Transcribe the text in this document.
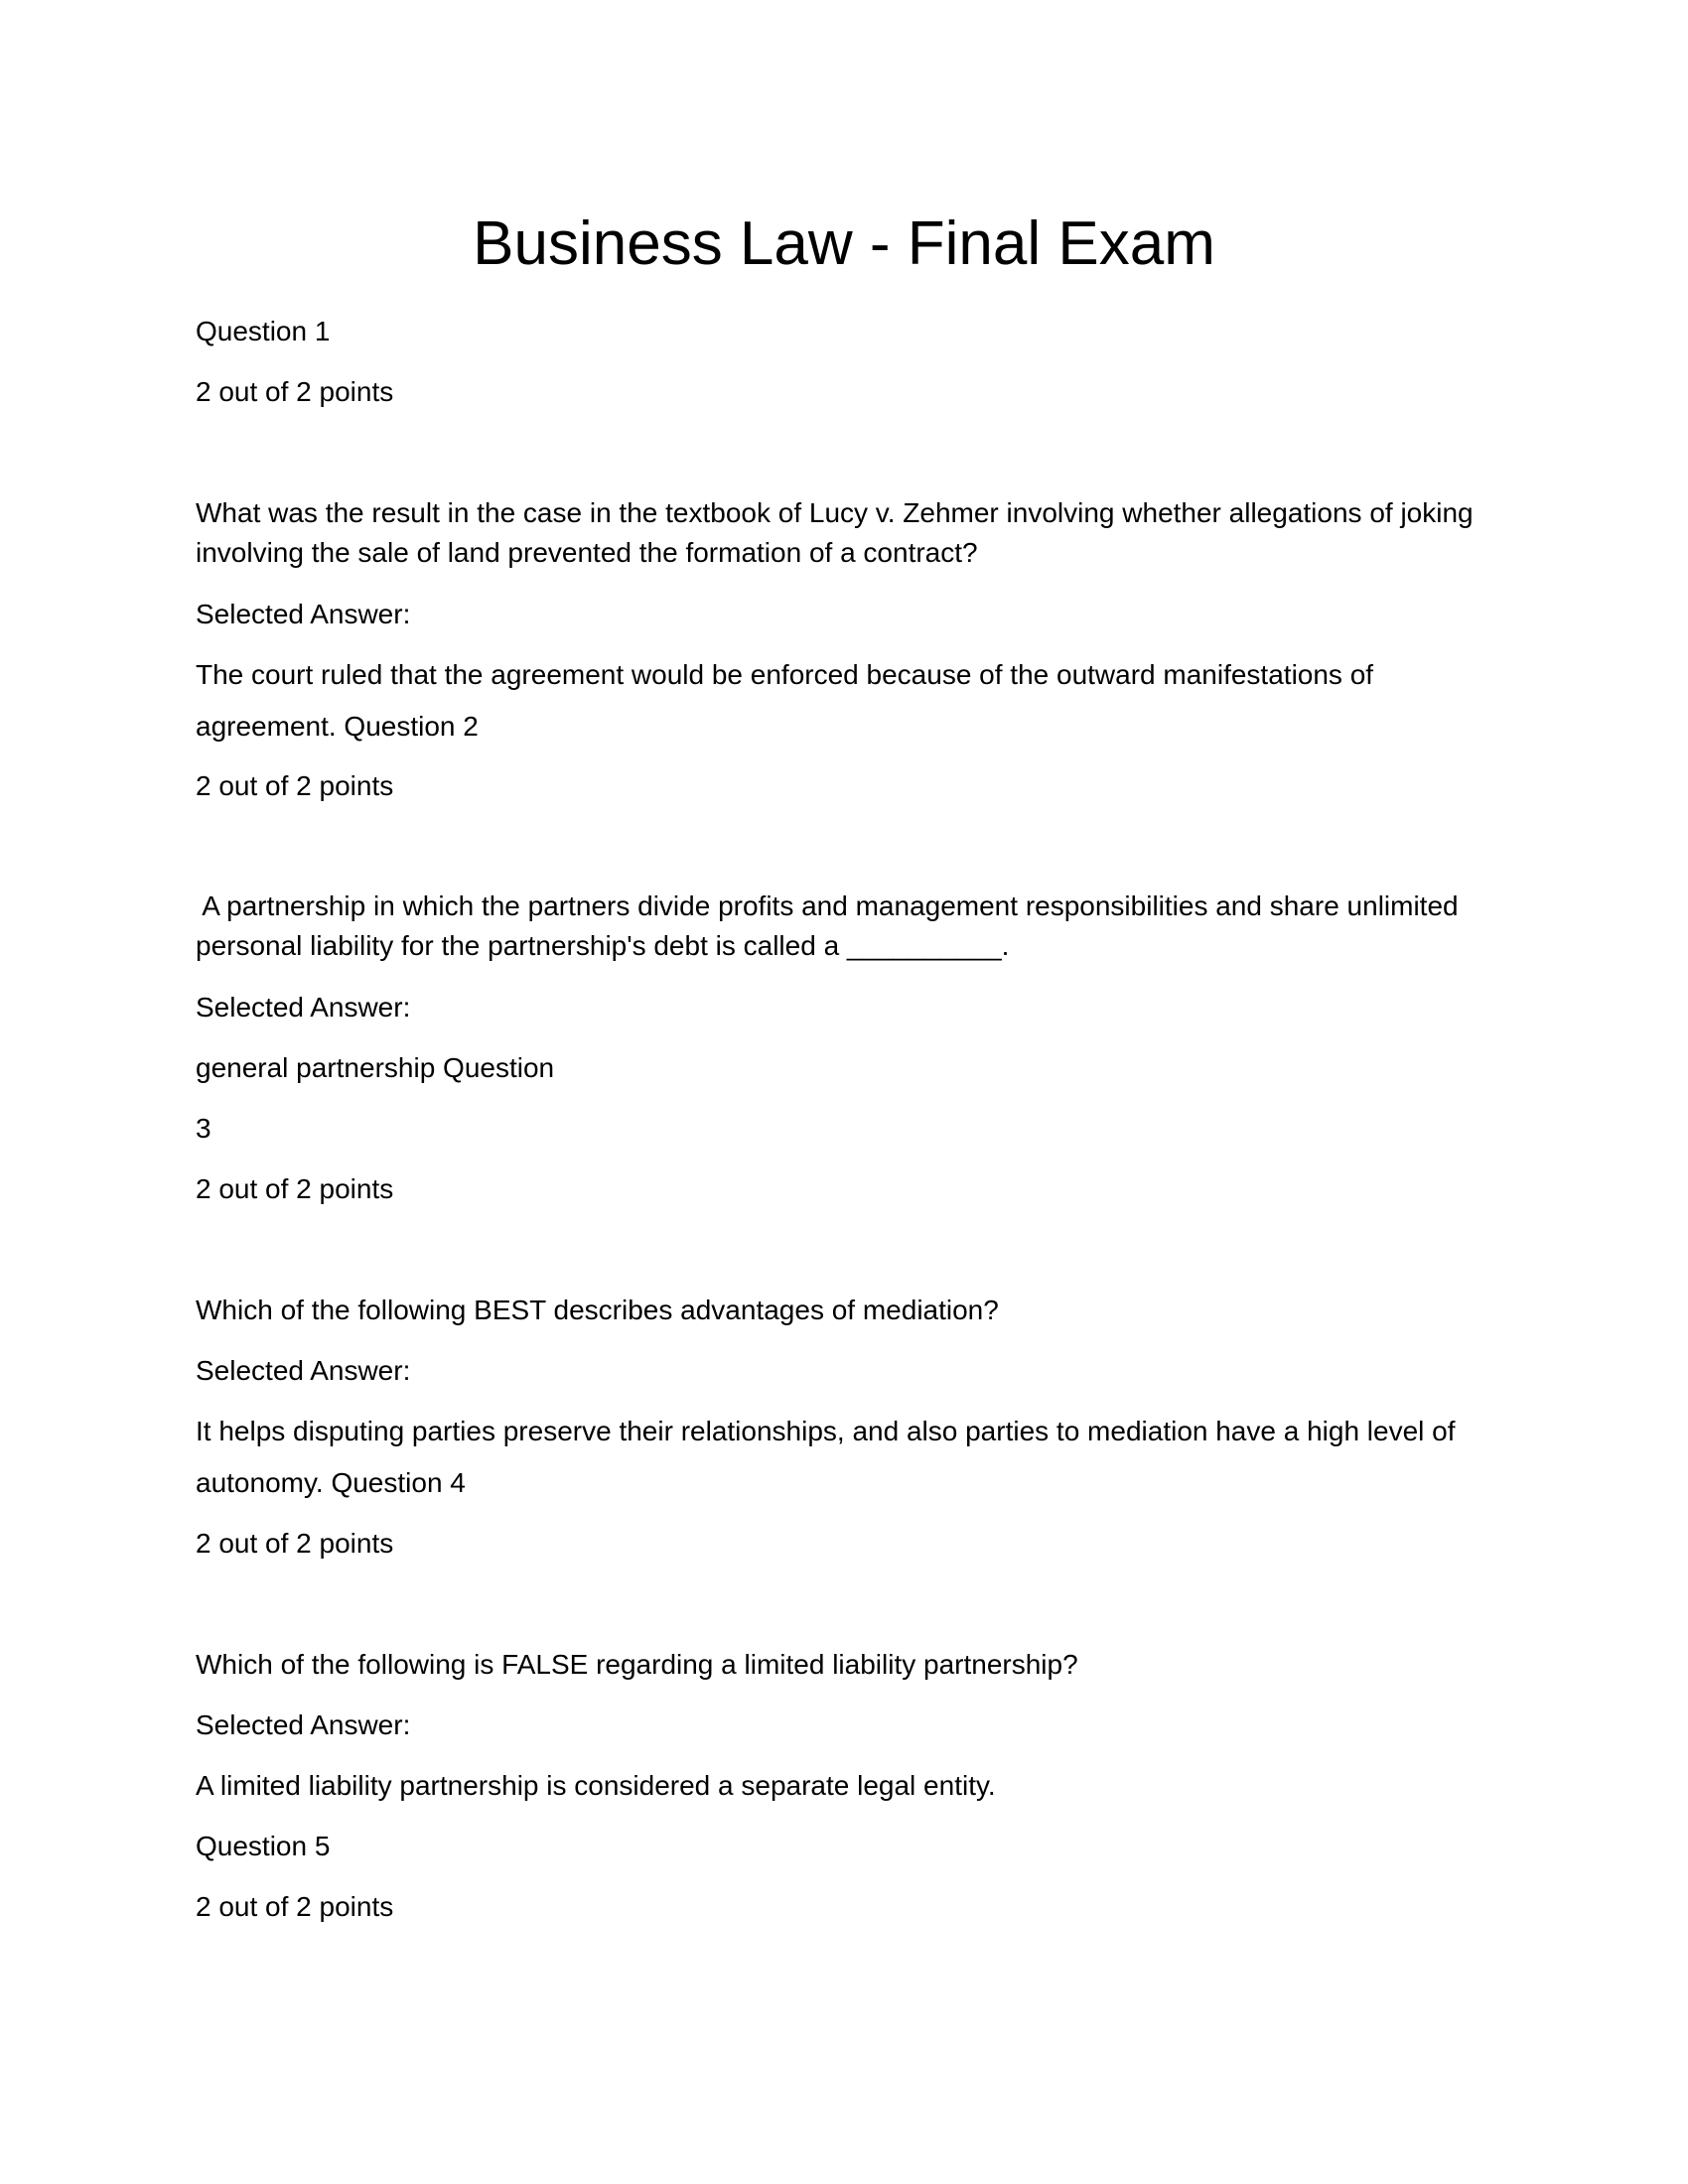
Business Law - Final Exam

Question 1

2 out of 2 points

What was the result in the case in the textbook of Lucy v. Zehmer involving whether allegations of joking

involving the sale of land prevented the formation of a contract?

Selected Answer:

The court ruled that the agreement would be enforced because of the outward manifestations of

agreement. Question 2

2 out of 2 points

A partnership in which the partners divide profits and management responsibilities and share unlimited

personal liability for the partnership's debt is called a __________.

Selected Answer:

general partnership Question

3

2 out of 2 points

Which of the following BEST describes advantages of mediation?

Selected Answer:

It helps disputing parties preserve their relationships, and also parties to mediation have a high level of

autonomy. Question 4

2 out of 2 points

Which of the following is FALSE regarding a limited liability partnership?

Selected Answer:

A limited liability partnership is considered a separate legal entity.

Question 5

2 out of 2 points
